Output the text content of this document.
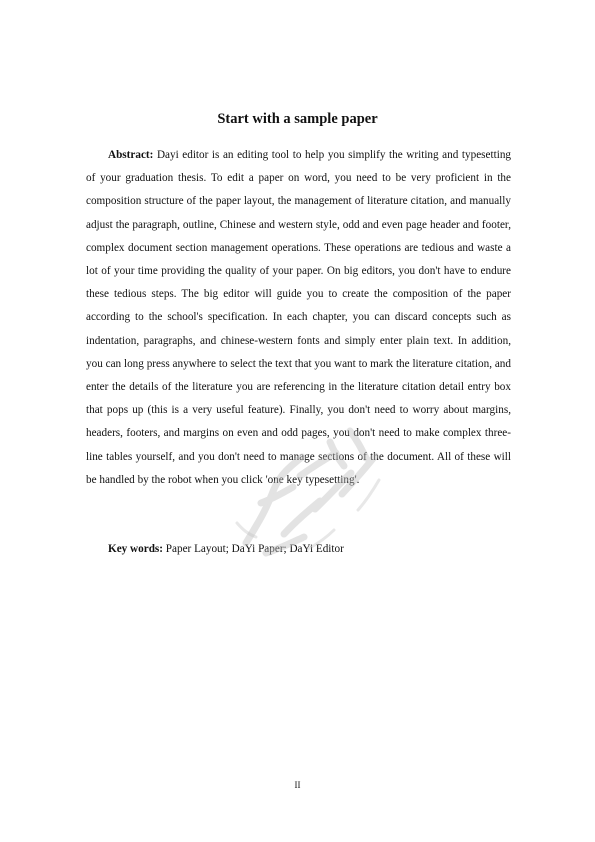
Start with a sample paper

Abstract: Dayi editor is an editing tool to help you simplify the writing and typesetting of your graduation thesis. To edit a paper on word, you need to be very proficient in the composition structure of the paper layout, the management of literature citation, and manually adjust the paragraph, outline, Chinese and western style, odd and even page header and footer, complex document section management operations. These operations are tedious and waste a lot of your time providing the quality of your paper. On big editors, you don't have to endure these tedious steps. The big editor will guide you to create the composition of the paper according to the school's specification. In each chapter, you can discard concepts such as indentation, paragraphs, and chinese-western fonts and simply enter plain text. In addition, you can long press anywhere to select the text that you want to mark the literature citation, and enter the details of the literature you are referencing in the literature citation detail entry box that pops up (this is a very useful feature). Finally, you don't need to worry about margins, headers, footers, and margins on even and odd pages, you don't need to make complex three-line tables yourself, and you don't need to manage sections of the document. All of these will be handled by the robot when you click 'one key typesetting'.

Key words: Paper Layout; DaYi Paper; DaYi Editor

II
